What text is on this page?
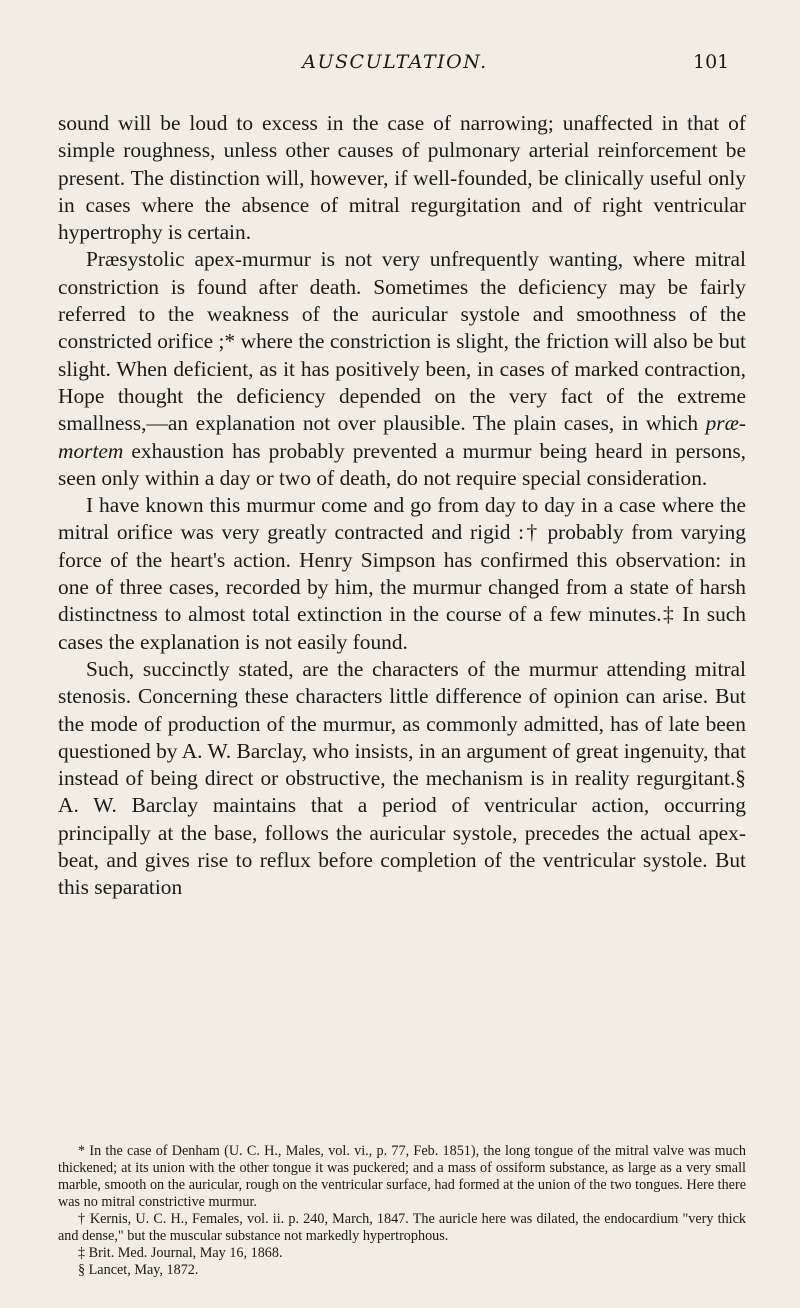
AUSCULTATION.	101

sound will be loud to excess in the case of narrowing; unaffected in that of simple roughness, unless other causes of pulmonary arterial reinforcement be present. The distinction will, however, if well-founded, be clinically useful only in cases where the absence of mitral regurgitation and of right ventricular hypertrophy is certain.

Præsystolic apex-murmur is not very unfrequently wanting, where mitral constriction is found after death. Sometimes the deficiency may be fairly referred to the weakness of the auricular systole and smoothness of the constricted orifice ;* where the constriction is slight, the friction will also be but slight. When deficient, as it has positively been, in cases of marked contraction, Hope thought the deficiency depended on the very fact of the extreme smallness,—an explanation not over plausible. The plain cases, in which præ-mortem exhaustion has probably prevented a murmur being heard in persons, seen only within a day or two of death, do not require special consideration.

I have known this murmur come and go from day to day in a case where the mitral orifice was very greatly contracted and rigid :† probably from varying force of the heart's action. Henry Simpson has confirmed this observation: in one of three cases, recorded by him, the murmur changed from a state of harsh distinctness to almost total extinction in the course of a few minutes.‡ In such cases the explanation is not easily found.

Such, succinctly stated, are the characters of the murmur attending mitral stenosis. Concerning these characters little difference of opinion can arise. But the mode of production of the murmur, as commonly admitted, has of late been questioned by A. W. Barclay, who insists, in an argument of great ingenuity, that instead of being direct or obstructive, the mechanism is in reality regurgitant.§ A. W. Barclay maintains that a period of ventricular action, occurring principally at the base, follows the auricular systole, precedes the actual apex-beat, and gives rise to reflux before completion of the ventricular systole. But this separation

* In the case of Denham (U. C. H., Males, vol. vi., p. 77, Feb. 1851), the long tongue of the mitral valve was much thickened; at its union with the other tongue it was puckered; and a mass of ossiform substance, as large as a very small marble, smooth on the auricular, rough on the ventricular surface, had formed at the union of the two tongues. Here there was no mitral constrictive murmur.

† Kernis, U. C. H., Females, vol. ii. p. 240, March, 1847. The auricle here was dilated, the endocardium "very thick and dense," but the muscular substance not markedly hypertrophous.

‡ Brit. Med. Journal, May 16, 1868.

§ Lancet, May, 1872.
